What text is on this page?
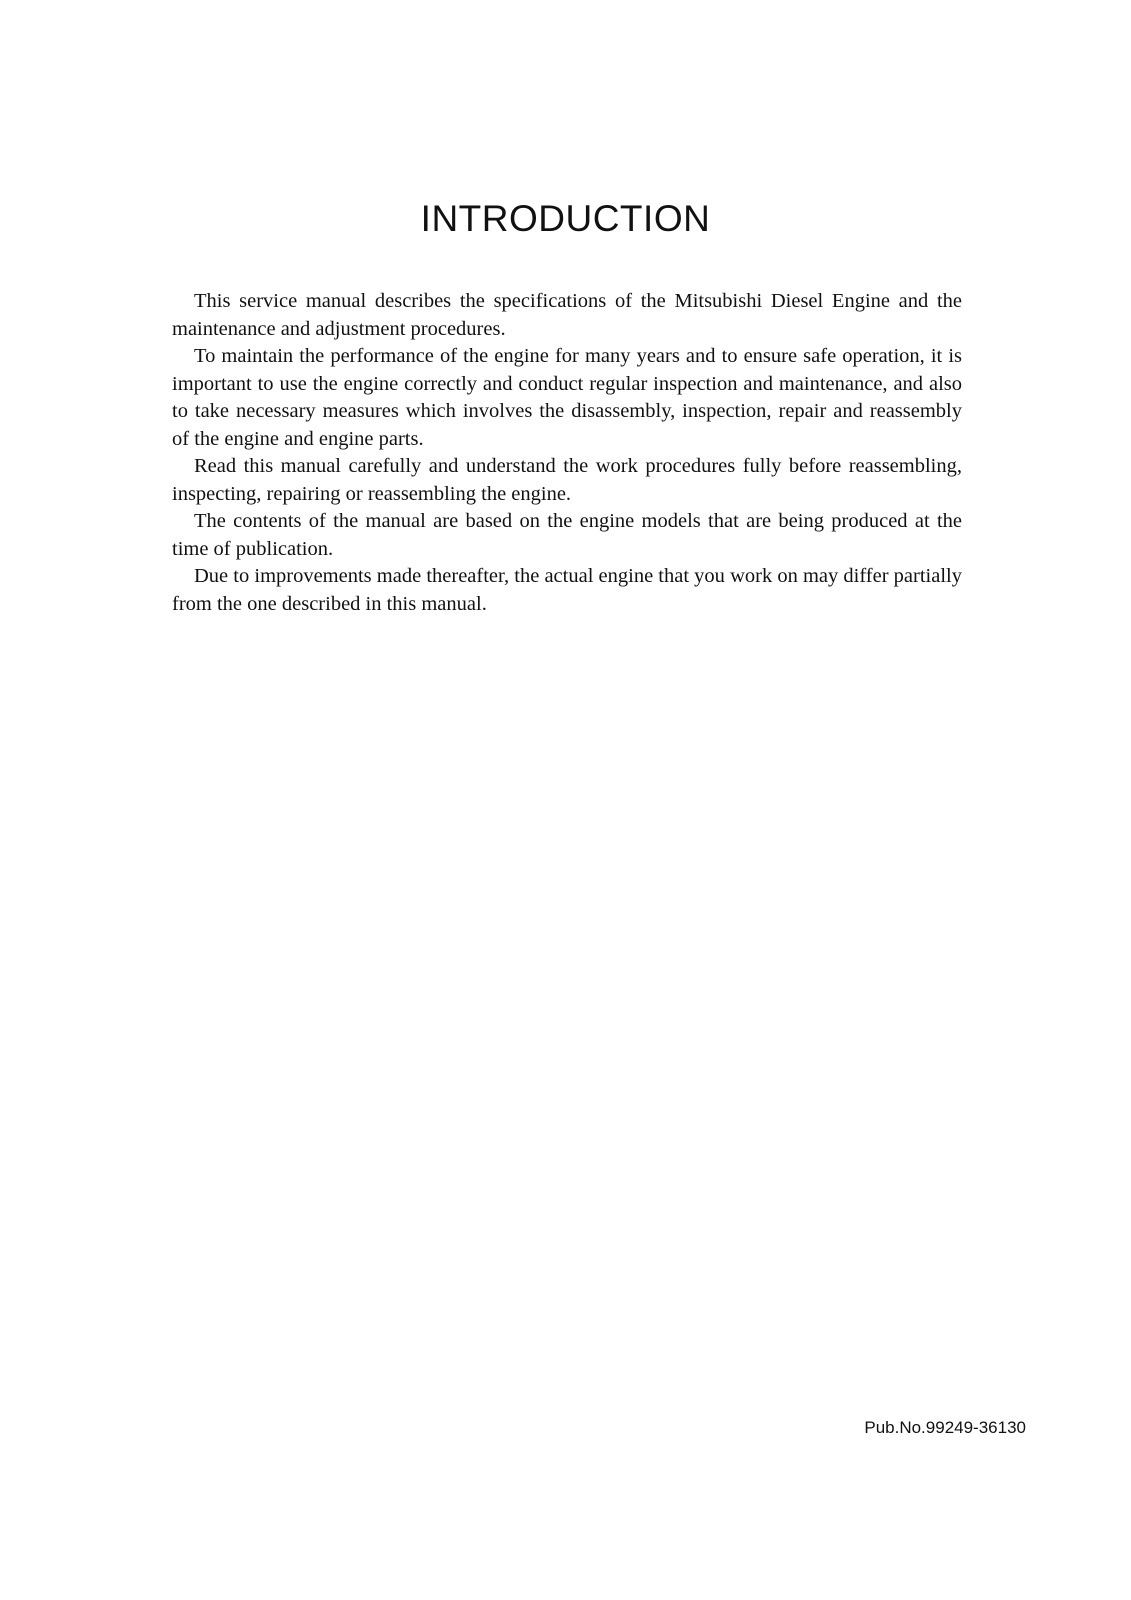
INTRODUCTION

This service manual describes the specifications of the Mitsubishi Diesel Engine and the maintenance and adjustment procedures.

To maintain the performance of the engine for many years and to ensure safe operation, it is important to use the engine correctly and conduct regular inspection and maintenance, and also to take necessary measures which involves the disassembly, inspection, repair and reassembly of the engine and engine parts.

Read this manual carefully and understand the work procedures fully before reassembling, inspecting, repairing or reassembling the engine.

The contents of the manual are based on the engine models that are being produced at the time of publication.

Due to improvements made thereafter, the actual engine that you work on may differ partially from the one described in this manual.

Pub.No.99249-36130
